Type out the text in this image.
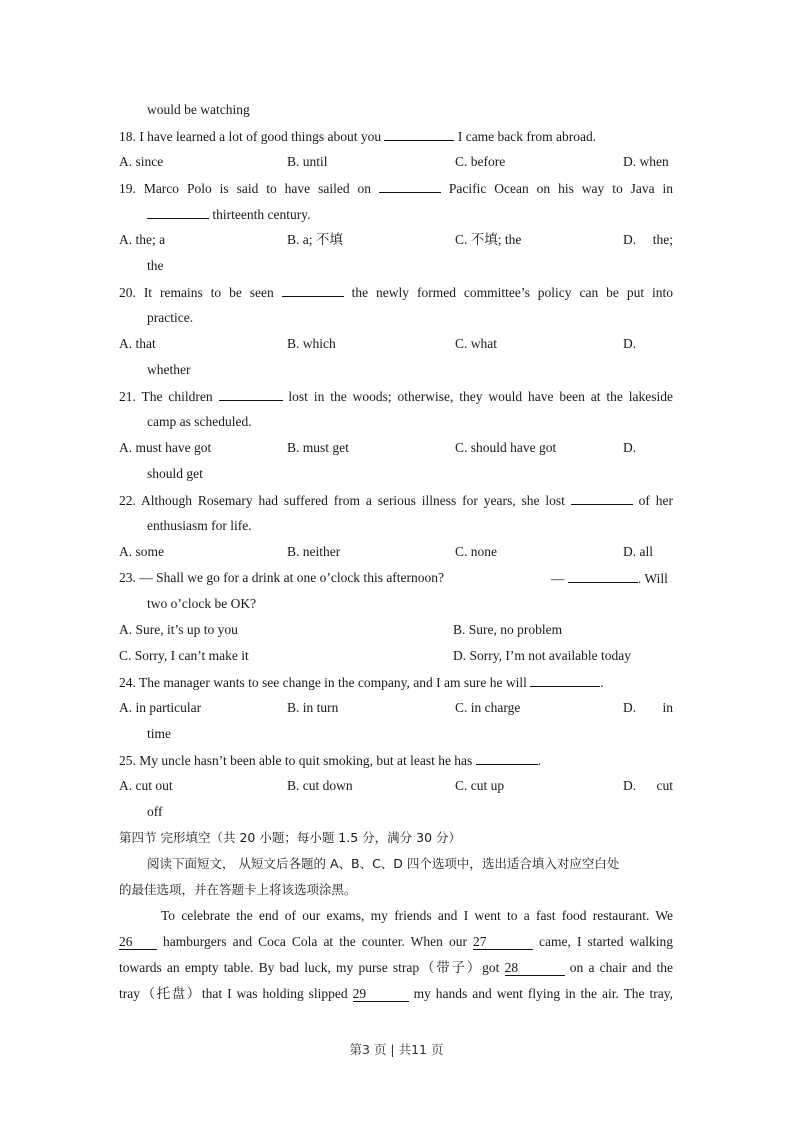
would be watching
18. I have learned a lot of good things about you	I came back from abroad.
A. since	B. until	C. before	D. when
19. Marco Polo is said to have sailed on	Pacific Ocean on his way to Java in
thirteenth century.
A. the; a	B. a; 不填	C. 不填; the	D. the;
the
20. It remains to be seen	the newly formed committee’s policy can be put into
practice.
A. that	B. which	C. what	D.
whether
21. The children	lost in the woods; otherwise, they would have been at the lakeside
camp as scheduled.
A. must have got	B. must get	C. should have got	D.
should get
22. Although Rosemary had suffered from a serious illness for years, she lost	of her
enthusiasm for life.
A. some	B. neither	C. none	D. all
23. — Shall we go for a drink at one o’clock this afternoon?	—	. Will
two o’clock be OK?
A. Sure, it’s up to you	B. Sure, no problem
C. Sorry, I can’t make it	D. Sorry, I’m not available today
24. The manager wants to see change in the company, and I am sure he will	.
A. in particular	B. in turn	C. in charge	D. in
time
25. My uncle hasn’t been able to quit smoking, but at least he has	.
A. cut out	B. cut down	C. cut up	D. cut
off
第四节 完形填空（共 20 小题；每小题 1.5 分，满分 30 分）
阅读下面短文， 从短文后各题的 A、B、C、D 四个选项中，选出适合填入对应空白处
的最佳选项，并在答题卡上将该选项涂黑。
To celebrate the end of our exams, my friends and I went to a fast food restaurant. We
26 hamburgers and Coca Cola at the counter. When our 27	came, I started walking
towards an empty table. By bad luck, my purse strap（带子）got 28	on a chair and the
tray（托盘）that I was holding slipped 29	my hands and went flying in the air. The tray,
第3 页 | 共11 页
